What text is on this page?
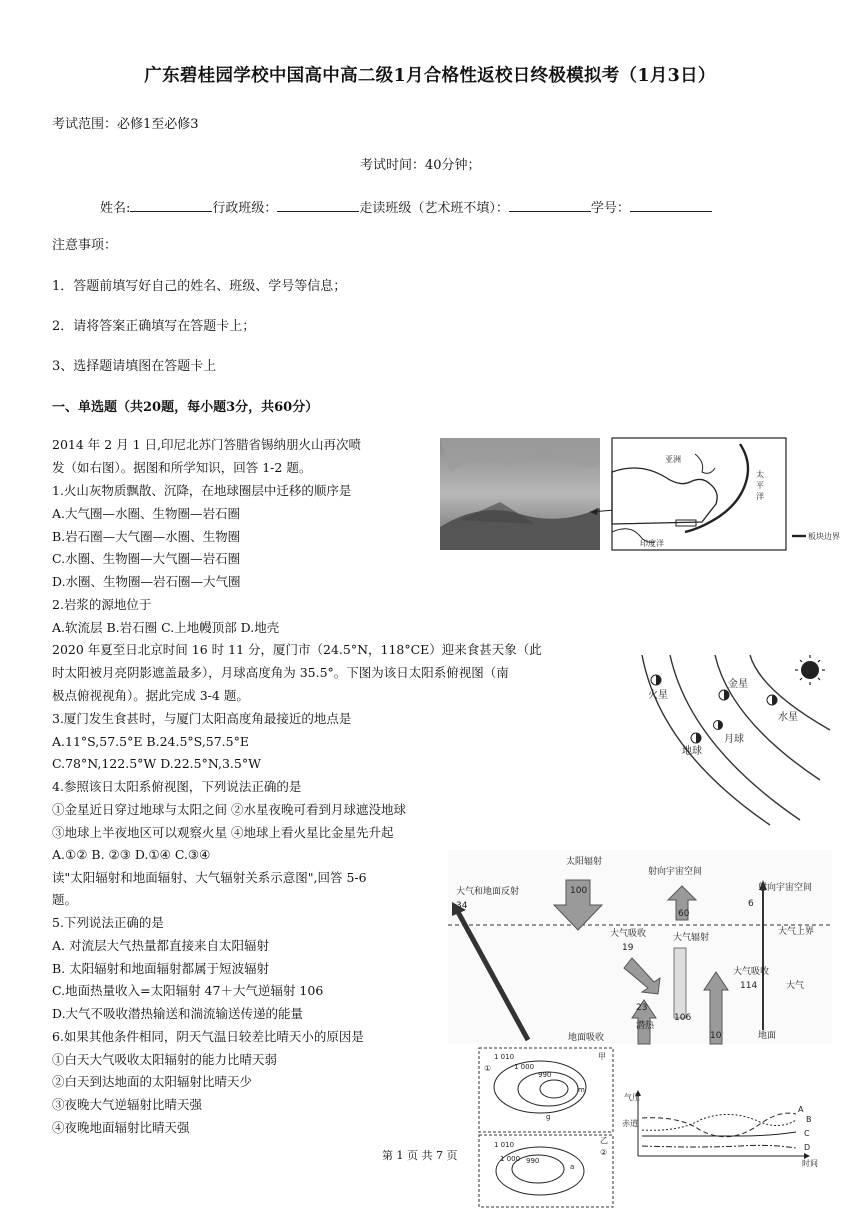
广东碧桂园学校中国高中高二级1月合格性返校日终极模拟考（1月3日）
考试范围：必修1至必修3
考试时间：40分钟；
姓名:	行政班级：	走读班级（艺术班不填）：	学号：
注意事项：
1．答题前填写好自己的姓名、班级、学号等信息；
2．请将答案正确填写在答题卡上；
3、选择题请填图在答题卡上
一、单选题（共20题，每小题3分，共60分）
2014 年 2 月 1 日,印尼北苏门答腊省锡纳朋火山再次喷
发（如右图）。据图和所学知识，回答 1-2 题。
1.火山灰物质飘散、沉降，在地球圈层中迁移的顺序是
A.大气圈—水圈、生物圈—岩石圈
B.岩石圈—大气圈—水圈、生物圈
C.水圈、生物圈—大气圈—岩石圈
D.水圈、生物圈—岩石圈—大气圈
2.岩浆的源地位于
A.软流层 B.岩石圈 C.上地幔顶部 D.地壳
2020 年夏至日北京时间 16 时 11 分，厦门市（24.5°N，118°CE）迎来食甚天象（此
时太阳被月亮阴影遮盖最多），月球高度角为 35.5°。下图为该日太阳系俯视图（南
极点俯视视角）。据此完成 3-4 题。
3.厦门发生食甚时，与厦门太阳高度角最接近的地点是
A.11°S,57.5°E B.24.5°S,57.5°E
C.78°N,122.5°W D.22.5°N,3.5°W
4.参照该日太阳系俯视图，下列说法正确的是
①金星近日穿过地球与太阳之间 ②水星夜晚可看到月球遮没地球
③地球上半夜地区可以观察火星 ④地球上看火星比金星先升起
A.①② B. ②③ D.①④ C.③④
读"太阳辐射和地面辐射、大气辐射关系示意图",回答 5-6
题。
5.下列说法正确的是
A. 对流层大气热量都直接来自太阳辐射
B. 太阳辐射和地面辐射都属于短波辐射
C.地面热量收入=太阳辐射 47＋大气逆辐射 106
D.大气不吸收潜热输送和湍流输送传递的能量
6.如果其他条件相同，阴天气温日较差比晴天小的原因是
①白天大气吸收太阳辐射的能力比晴天弱
②白天到达地面的太阳辐射比晴天少
③夜晚大气逆辐射比晴天强
④夜晚地面辐射比晴天强
亚洲
太
平
洋
印度洋
板块边界
火星
金星
水星
月球
地球
太阳辐射
100
大气和地面反射
34
射向宇宙空间
60
射向宇宙空间
6
大气上界
大气吸收
19
大气辐射
106
23
潜热
10
大气吸收
114	大气
地面
地面吸收
1 010
1 000
990
甲
①
m
g
1 010
1 000 990
乙
②
a
气压
赤道
时间
A
B
C
D
第 1 页 共 7 页
